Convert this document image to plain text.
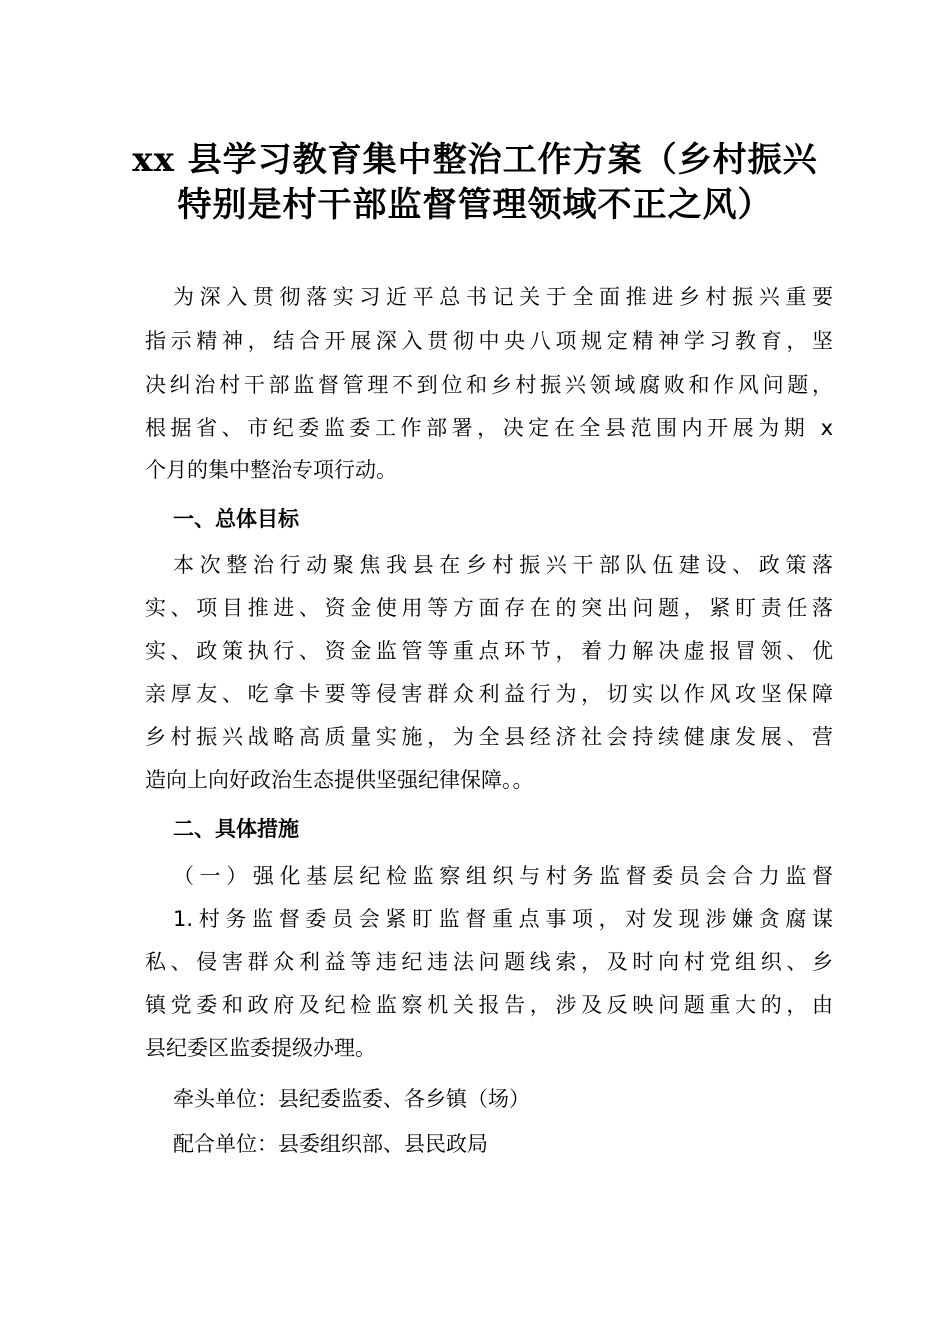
xx 县学习教育集中整治工作方案（乡村振兴
特别是村干部监督管理领域不正之风）
为深入贯彻落实习近平总书记关于全面推进乡村振兴重要
指示精神，结合开展深入贯彻中央八项规定精神学习教育，坚
决纠治村干部监督管理不到位和乡村振兴领域腐败和作风问题，
根据省、市纪委监委工作部署，决定在全县范围内开展为期 x
个月的集中整治专项行动。
一、总体目标
本次整治行动聚焦我县在乡村振兴干部队伍建设、政策落
实、项目推进、资金使用等方面存在的突出问题，紧盯责任落
实、政策执行、资金监管等重点环节，着力解决虚报冒领、优
亲厚友、吃拿卡要等侵害群众利益行为，切实以作风攻坚保障
乡村振兴战略高质量实施，为全县经济社会持续健康发展、营
造向上向好政治生态提供坚强纪律保障。。
二、具体措施
（一）强化基层纪检监察组织与村务监督委员会合力监督
1.村务监督委员会紧盯监督重点事项，对发现涉嫌贪腐谋
私、侵害群众利益等违纪违法问题线索，及时向村党组织、乡
镇党委和政府及纪检监察机关报告，涉及反映问题重大的，由
县纪委区监委提级办理。
牵头单位：县纪委监委、各乡镇（场）
配合单位：县委组织部、县民政局
